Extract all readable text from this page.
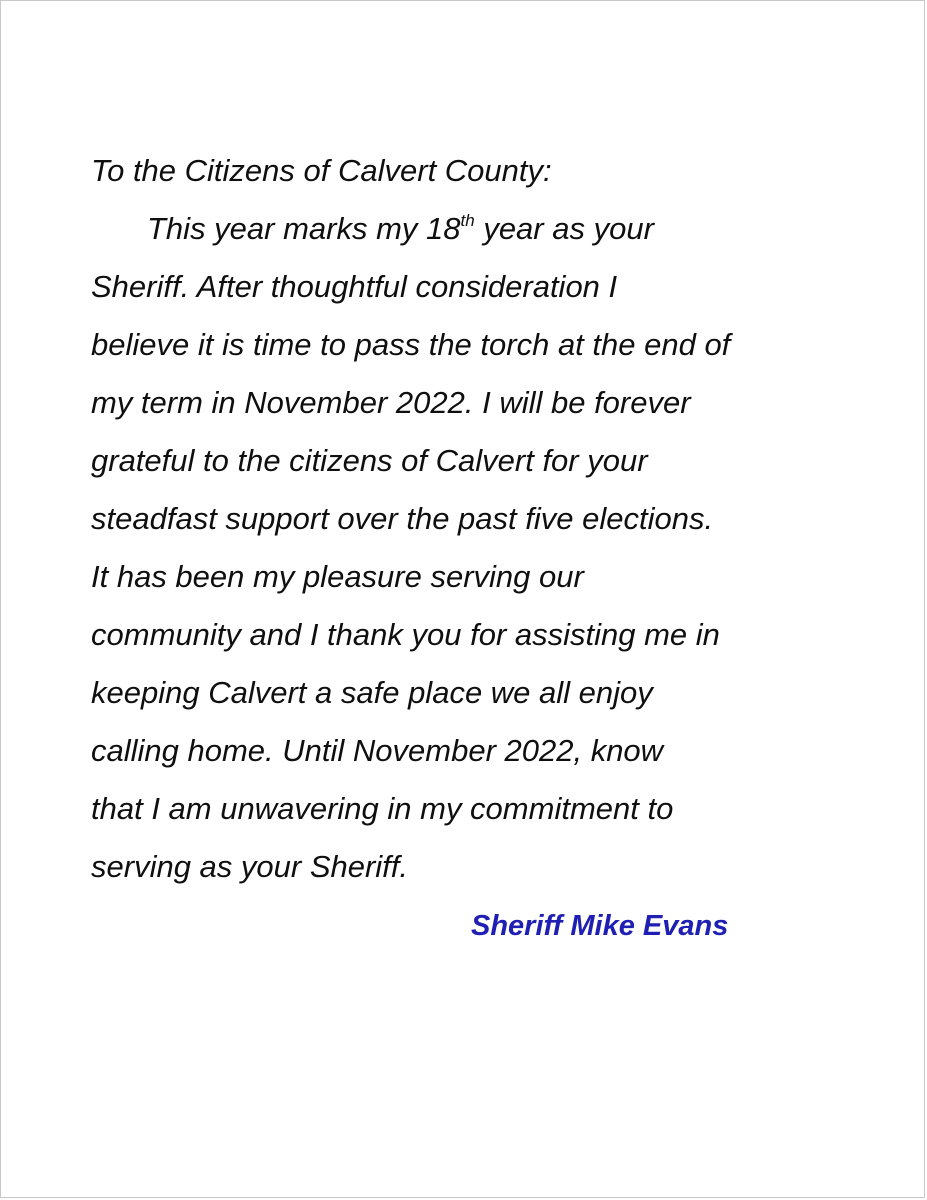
To the Citizens of Calvert County:
This year marks my 18th year as your
Sheriff. After thoughtful consideration I
believe it is time to pass the torch at the end of
my term in November 2022. I will be forever
grateful to the citizens of Calvert for your
steadfast support over the past five elections.
It has been my pleasure serving our
community and I thank you for assisting me in
keeping Calvert a safe place we all enjoy
calling home. Until November 2022, know
that I am unwavering in my commitment to
serving as your Sheriff.
Sheriff Mike Evans
